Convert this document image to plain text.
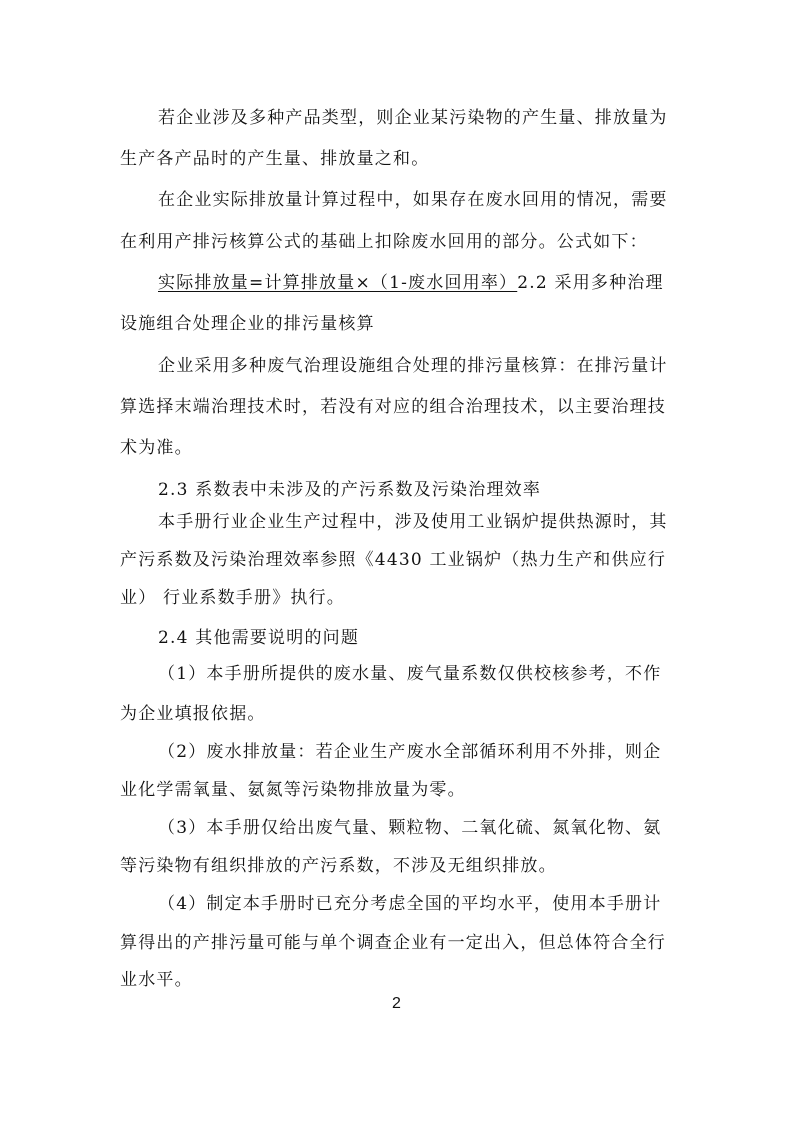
若企业涉及多种产品类型，则企业某污染物的产生量、排放量为
生产各产品时的产生量、排放量之和。
在企业实际排放量计算过程中，如果存在废水回用的情况，需要
在利用产排污核算公式的基础上扣除废水回用的部分。公式如下：
实际排放量=计算排放量×（1-废水回用率）2.2 采用多种治理
设施组合处理企业的排污量核算
企业采用多种废气治理设施组合处理的排污量核算：在排污量计
算选择末端治理技术时，若没有对应的组合治理技术，以主要治理技
术为准。
2.3 系数表中未涉及的产污系数及污染治理效率
本手册行业企业生产过程中，涉及使用工业锅炉提供热源时，其
产污系数及污染治理效率参照《4430 工业锅炉（热力生产和供应行
业） 行业系数手册》执行。
2.4 其他需要说明的问题
（1）本手册所提供的废水量、废气量系数仅供校核参考，不作
为企业填报依据。
（2）废水排放量：若企业生产废水全部循环利用不外排，则企
业化学需氧量、氨氮等污染物排放量为零。
（3）本手册仅给出废气量、颗粒物、二氧化硫、氮氧化物、氨
等污染物有组织排放的产污系数，不涉及无组织排放。
（4）制定本手册时已充分考虑全国的平均水平，使用本手册计
算得出的产排污量可能与单个调查企业有一定出入，但总体符合全行
业水平。
2
